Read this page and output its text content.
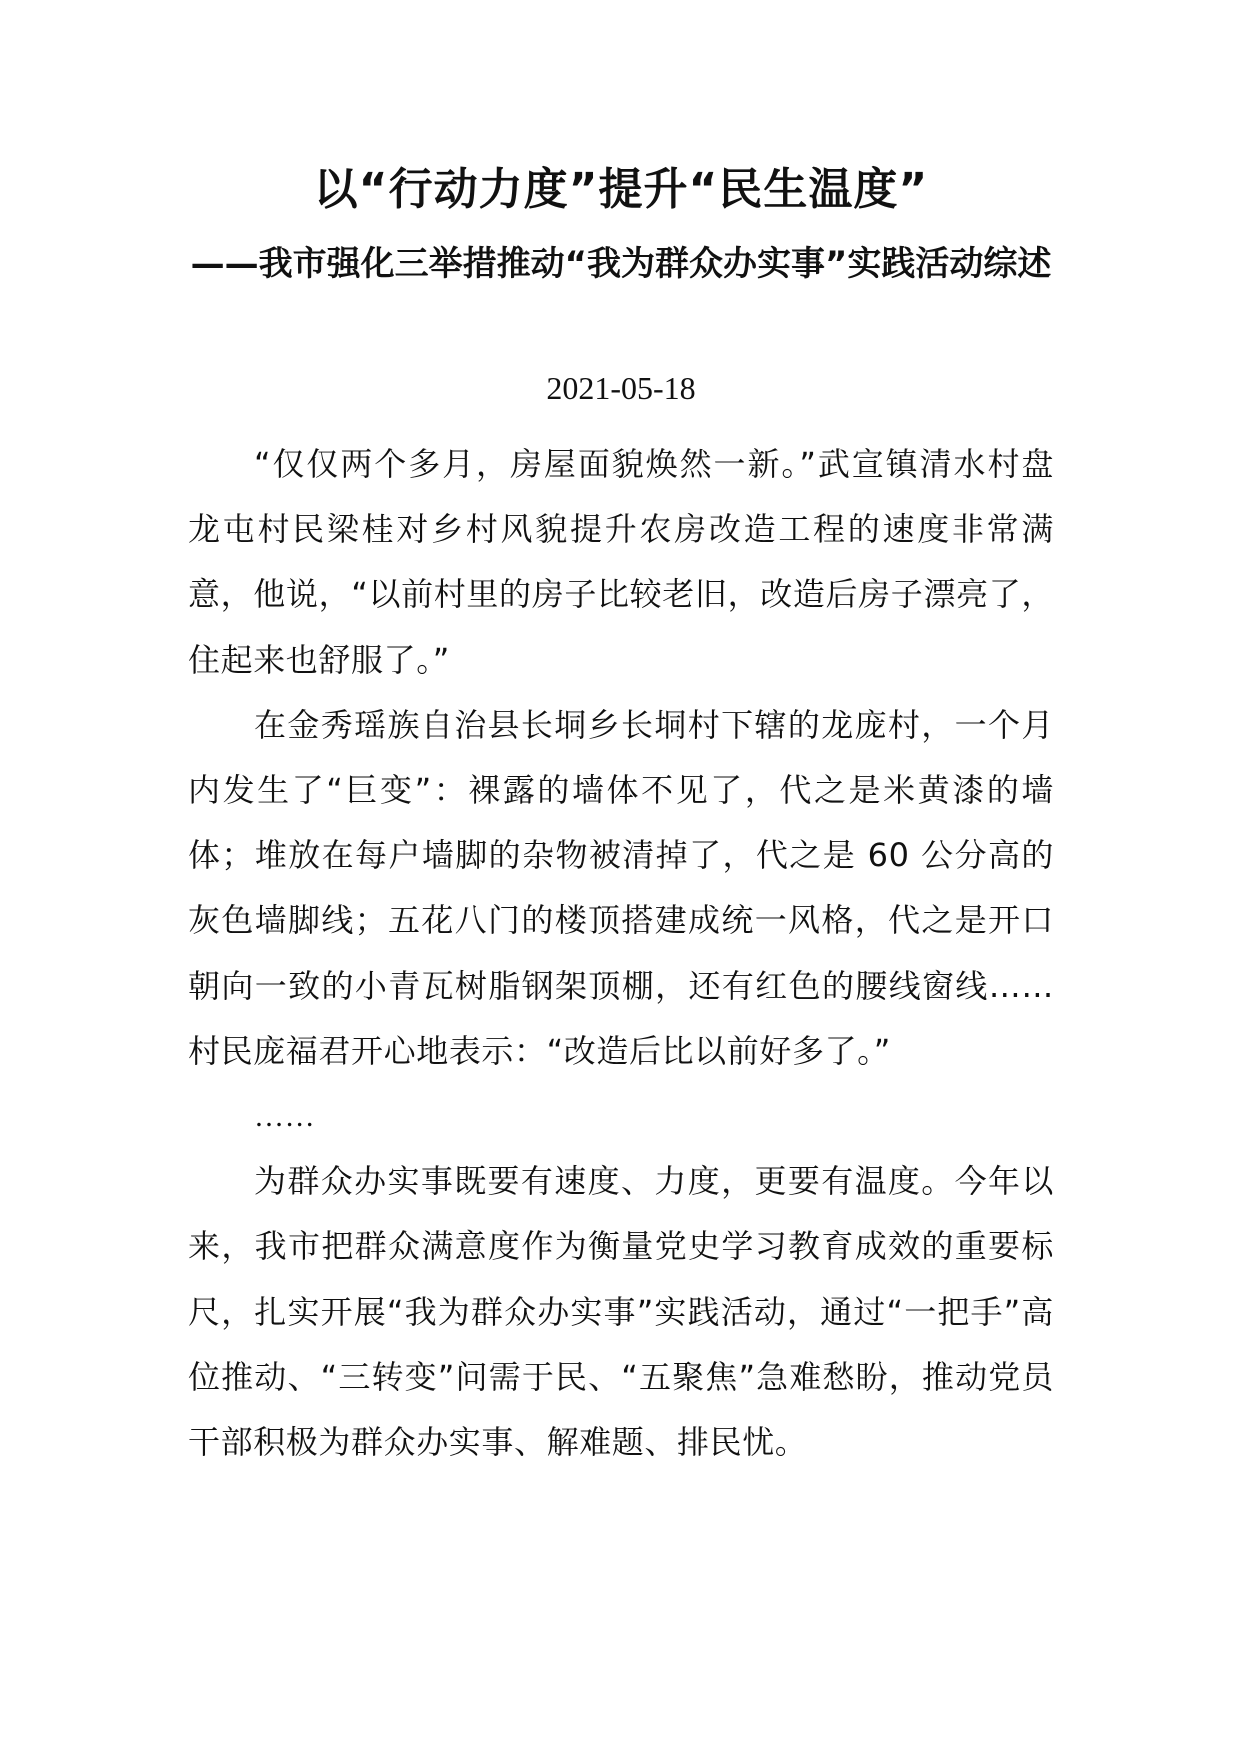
以“行动力度”提升“民生温度”
——我市强化三举措推动“我为群众办实事”实践活动综述
2021-05-18

“仅仅两个多月，房屋面貌焕然一新。”武宣镇清水村盘龙屯村民梁桂对乡村风貌提升农房改造工程的速度非常满意，他说，“以前村里的房子比较老旧，改造后房子漂亮了，住起来也舒服了。”

在金秀瑶族自治县长垌乡长垌村下辖的龙庞村，一个月内发生了“巨变”：裸露的墙体不见了，代之是米黄漆的墙体；堆放在每户墙脚的杂物被清掉了，代之是 60 公分高的灰色墙脚线；五花八门的楼顶搭建成统一风格，代之是开口朝向一致的小青瓦树脂钢架顶棚，还有红色的腰线窗线……村民庞福君开心地表示：“改造后比以前好多了。”

……

为群众办实事既要有速度、力度，更要有温度。今年以来，我市把群众满意度作为衡量党史学习教育成效的重要标尺，扎实开展“我为群众办实事”实践活动，通过“一把手”高位推动、“三转变”问需于民、“五聚焦”急难愁盼，推动党员干部积极为群众办实事、解难题、排民忧。
